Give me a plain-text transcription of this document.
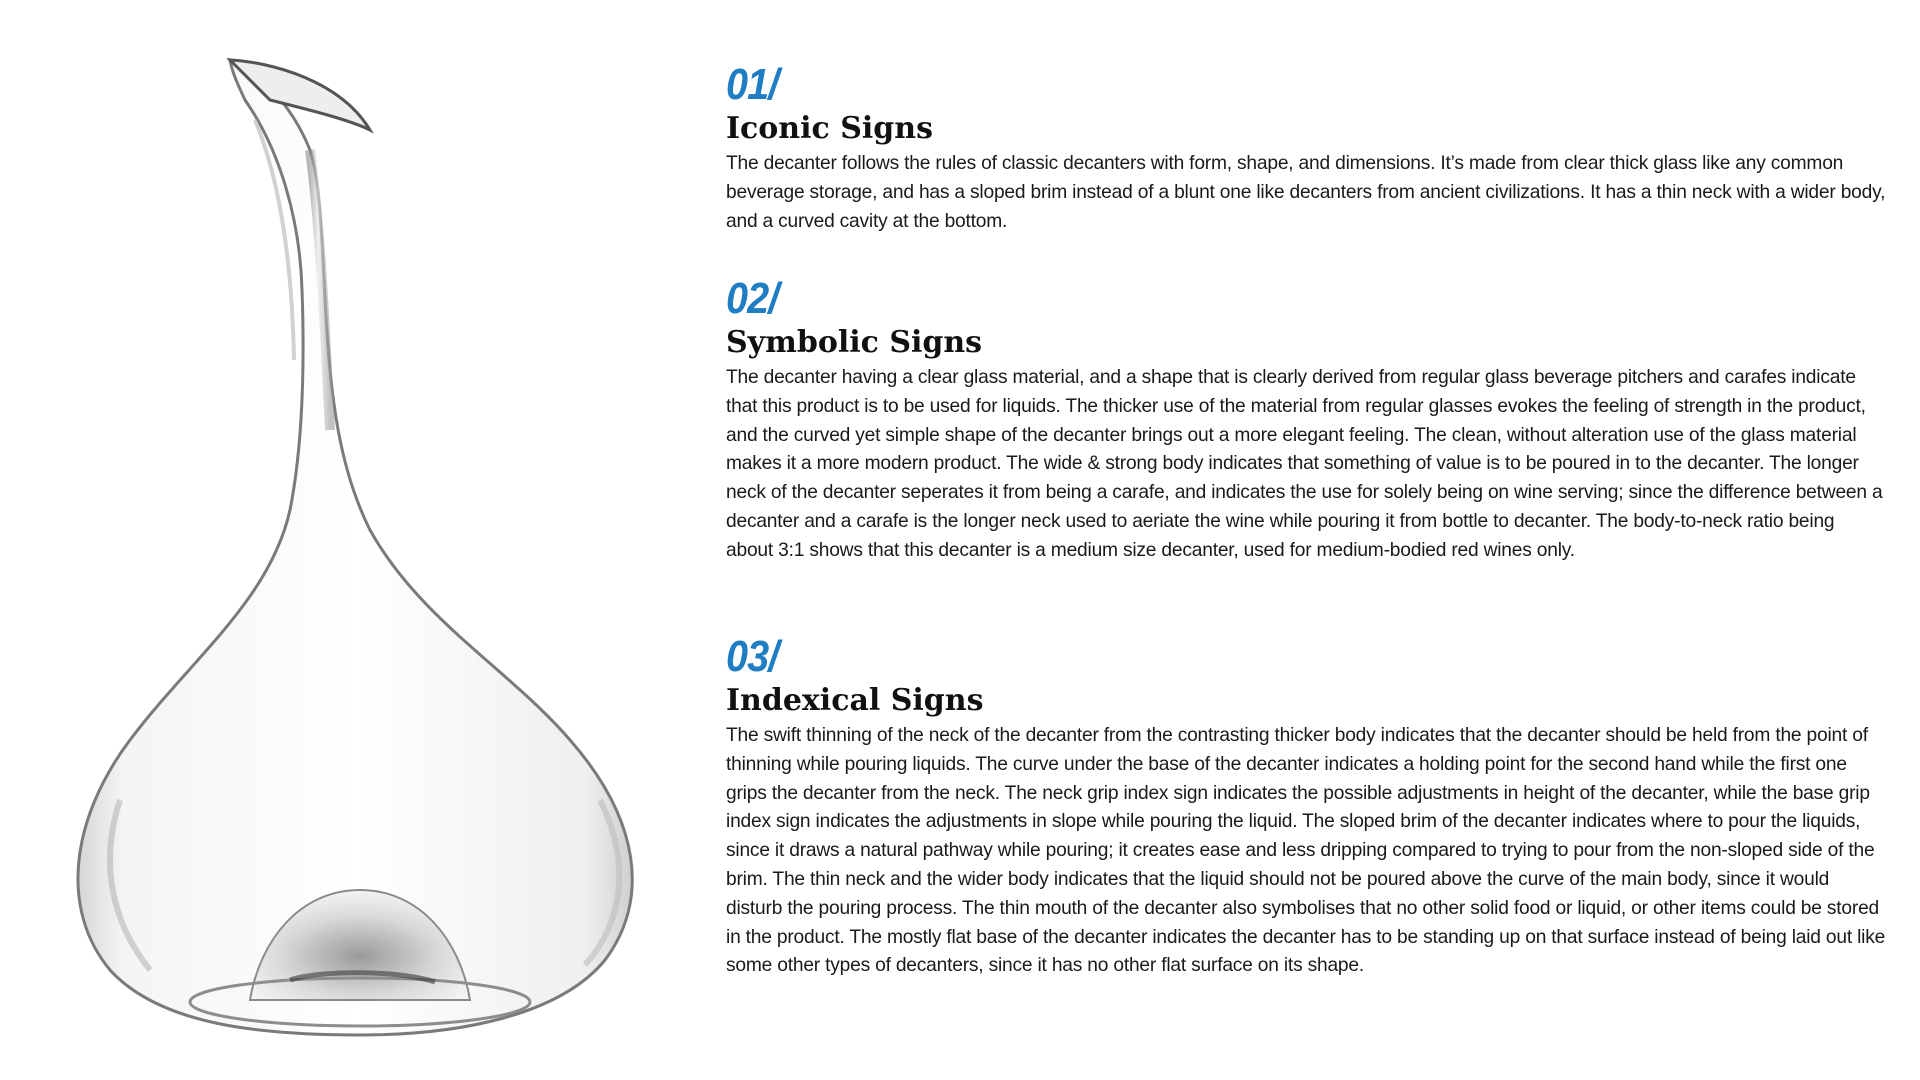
01/
Iconic Signs

The decanter follows the rules of classic decanters with form, shape, and dimensions. It’s made from clear thick glass like any common beverage storage, and has a sloped brim instead of a blunt one like decanters from ancient civilizations. It has a thin neck with a wider body, and a curved cavity at the bottom.

02/
Symbolic Signs

The decanter having a clear glass material, and a shape that is clearly derived from regular glass beverage pitchers and carafes indicate that this product is to be used for liquids. The thicker use of the material from regular glasses evokes the feeling of strength in the product, and the curved yet simple shape of the decanter brings out a more elegant feeling. The clean, without alteration use of the glass material makes it a more modern product. The wide & strong body indicates that something of value is to be poured in to the decanter. The longer neck of the decanter seperates it from being a carafe, and indicates the use for solely being on wine serving; since the difference between a decanter and a carafe is the longer neck used to aeriate the wine while pouring it from bottle to decanter. The body-to-neck ratio being about 3:1 shows that this decanter is a medium size decanter, used for medium-bodied red wines only.

03/
Indexical Signs

The swift thinning of the neck of the decanter from the contrasting thicker body indicates that the decanter should be held from the point of thinning while pouring liquids. The curve under the base of the decanter indicates a holding point for the second hand while the first one grips the decanter from the neck. The neck grip index sign indicates the possible adjustments in height of the decanter, while the base grip index sign indicates the adjustments in slope while pouring the liquid. The sloped brim of the decanter indicates where to pour the liquids, since it draws a natural pathway while pouring; it creates ease and less dripping compared to trying to pour from the non-sloped side of the brim. The thin neck and the wider body indicates that the liquid should not be poured above the curve of the main body, since it would disturb the pouring process. The thin mouth of the decanter also symbolises that no other solid food or liquid, or other items could be stored in the product. The mostly flat base of the decanter indicates the decanter has to be standing up on that surface instead of being laid out like some other types of decanters, since it has no other flat surface on its shape.
